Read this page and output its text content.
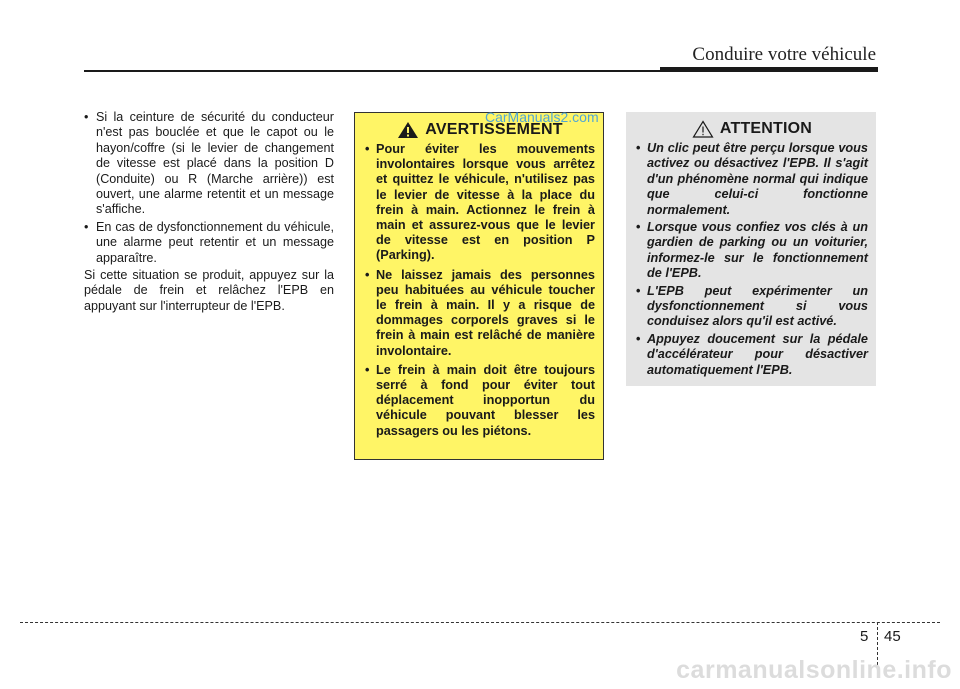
Conduire votre véhicule
• Si la ceinture de sécurité du conducteur n'est pas bouclée et que le capot ou le hayon/coffre (si le levier de changement de vitesse est placé dans la position D (Conduite) ou R (Marche arrière)) est ouvert, une alarme retentit et un message s'affiche.
• En cas de dysfonctionnement du véhicule, une alarme peut retentir et un message apparaître.
Si cette situation se produit, appuyez sur la pédale de frein et relâchez l'EPB en appuyant sur l'interrupteur de l'EPB.
AVERTISSEMENT
• Pour éviter les mouvements involontaires lorsque vous arrêtez et quittez le véhicule, n'utilisez pas le levier de vitesse à la place du frein à main. Actionnez le frein à main et assurez-vous que le levier de vitesse est en position P (Parking).
• Ne laissez jamais des personnes peu habituées au véhicule toucher le frein à main. Il y a risque de dommages corporels graves si le frein à main est relâché de manière involontaire.
• Le frein à main doit être toujours serré à fond pour éviter tout déplacement inopportun du véhicule pouvant blesser les passagers ou les piétons.
CarManuals2.com
ATTENTION
• Un clic peut être perçu lorsque vous activez ou désactivez l'EPB. Il s'agit d'un phénomène normal qui indique que celui-ci fonctionne normalement.
• Lorsque vous confiez vos clés à un gardien de parking ou un voiturier, informez-le sur le fonctionnement de l'EPB.
• L'EPB peut expérimenter un dysfonctionnement si vous conduisez alors qu'il est activé.
• Appuyez doucement sur la pédale d'accélérateur pour désactiver automatiquement l'EPB.
5 45
carmanualsonline.info
